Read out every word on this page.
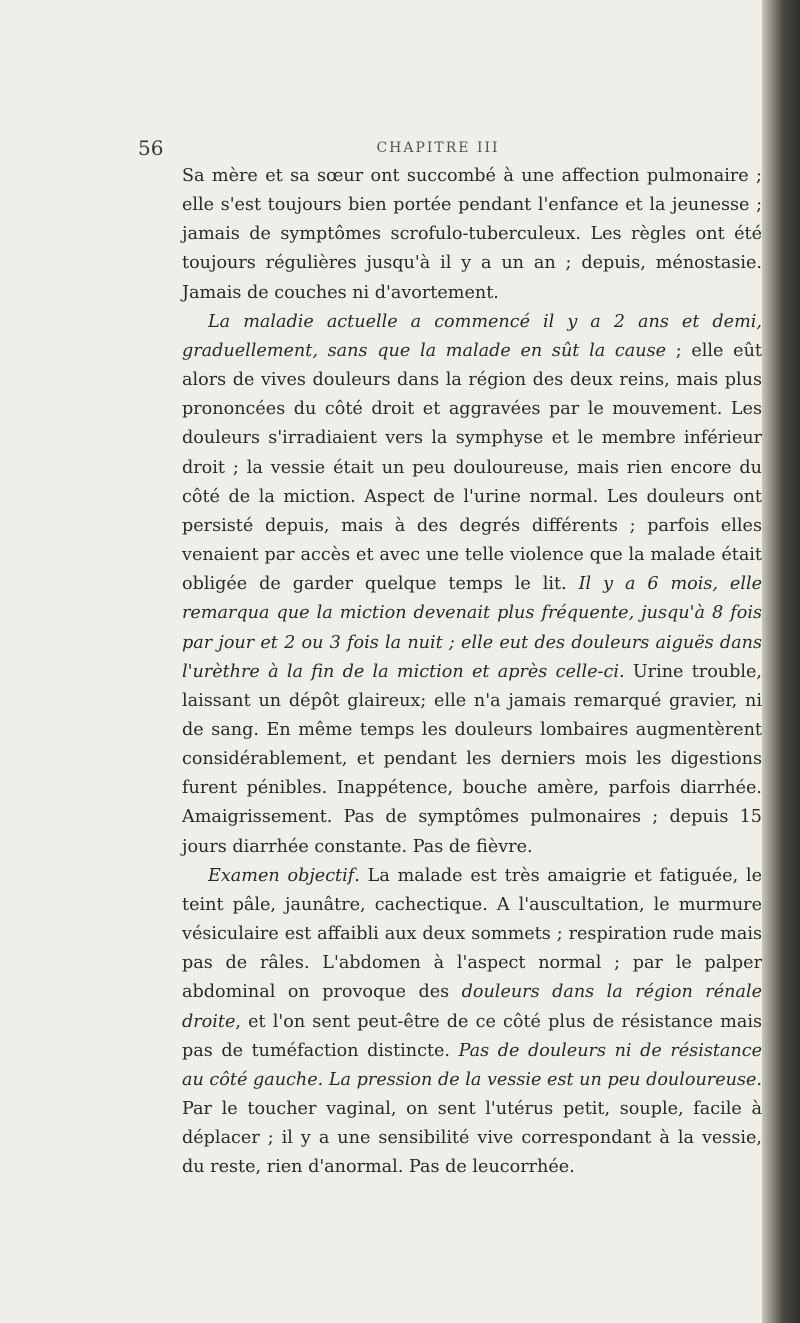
56	CHAPITRE III

Sa mère et sa sœur ont succombé à une affection pulmonaire ; elle s'est toujours bien portée pendant l'enfance et la jeunesse ; jamais de symptômes scrofulo-tuberculeux. Les règles ont été toujours régulières jusqu'à il y a un an ; depuis, ménostasie. Jamais de couches ni d'avortement.

La maladie actuelle a commencé il y a 2 ans et demi, graduellement, sans que la malade en sût la cause ; elle eût alors de vives douleurs dans la région des deux reins, mais plus prononcées du côté droit et aggravées par le mouvement. Les douleurs s'irradiaient vers la symphyse et le membre inférieur droit ; la vessie était un peu douloureuse, mais rien encore du côté de la miction. Aspect de l'urine normal. Les douleurs ont persisté depuis, mais à des degrés différents ; parfois elles venaient par accès et avec une telle violence que la malade était obligée de garder quelque temps le lit. Il y a 6 mois, elle remarqua que la miction devenait plus fréquente, jusqu'à 8 fois par jour et 2 ou 3 fois la nuit ; elle eut des douleurs aiguës dans l'urèthre à la fin de la miction et après celle-ci. Urine trouble, laissant un dépôt glaireux; elle n'a jamais remarqué gravier, ni de sang. En même temps les douleurs lombaires augmentèrent considérablement, et pendant les derniers mois les digestions furent pénibles. Inappétence, bouche amère, parfois diarrhée. Amaigrissement. Pas de symptômes pulmonaires ; depuis 15 jours diarrhée constante. Pas de fièvre.

Examen objectif. La malade est très amaigrie et fatiguée, le teint pâle, jaunâtre, cachectique. A l'auscultation, le murmure vésiculaire est affaibli aux deux sommets ; respiration rude mais pas de râles. L'abdomen à l'aspect normal ; par le palper abdominal on provoque des douleurs dans la région rénale droite, et l'on sent peut-être de ce côté plus de résistance mais pas de tuméfaction distincte. Pas de douleurs ni de résistance au côté gauche. La pression de la vessie est un peu douloureuse. Par le toucher vaginal, on sent l'utérus petit, souple, facile à déplacer ; il y a une sensibilité vive correspondant à la vessie, du reste, rien d'anormal. Pas de leucorrhée.
